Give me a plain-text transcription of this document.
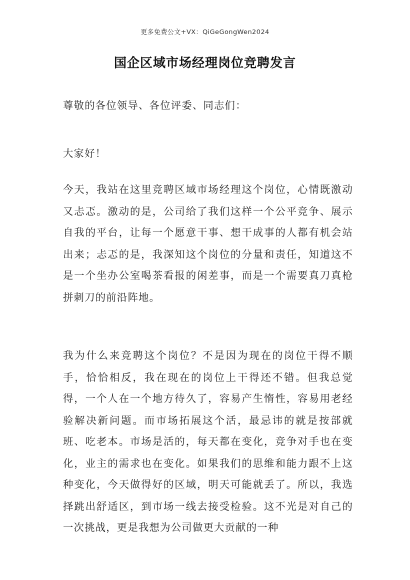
更多免费公文+VX：QiGeGongWen2024
国企区域市场经理岗位竞聘发言

尊敬的各位领导、各位评委、同志们：

大家好！

今天，我站在这里竞聘区域市场经理这个岗位，心情既激动又忐忑。激动的是，公司给了我们这样一个公平竞争、展示自我的平台，让每一个愿意干事、想干成事的人都有机会站出来；忐忑的是，我深知这个岗位的分量和责任，知道这不是一个坐办公室喝茶看报的闲差事，而是一个需要真刀真枪拼刺刀的前沿阵地。

我为什么来竞聘这个岗位？不是因为现在的岗位干得不顺手，恰恰相反，我在现在的岗位上干得还不错。但我总觉得，一个人在一个地方待久了，容易产生惰性，容易用老经验解决新问题。而市场拓展这个活，最忌讳的就是按部就班、吃老本。市场是活的，每天都在变化，竞争对手也在变化，业主的需求也在变化。如果我们的思维和能力跟不上这种变化，今天做得好的区域，明天可能就丢了。所以，我选择跳出舒适区，到市场一线去接受检验。这不光是对自己的一次挑战，更是我想为公司做更大贡献的一种
